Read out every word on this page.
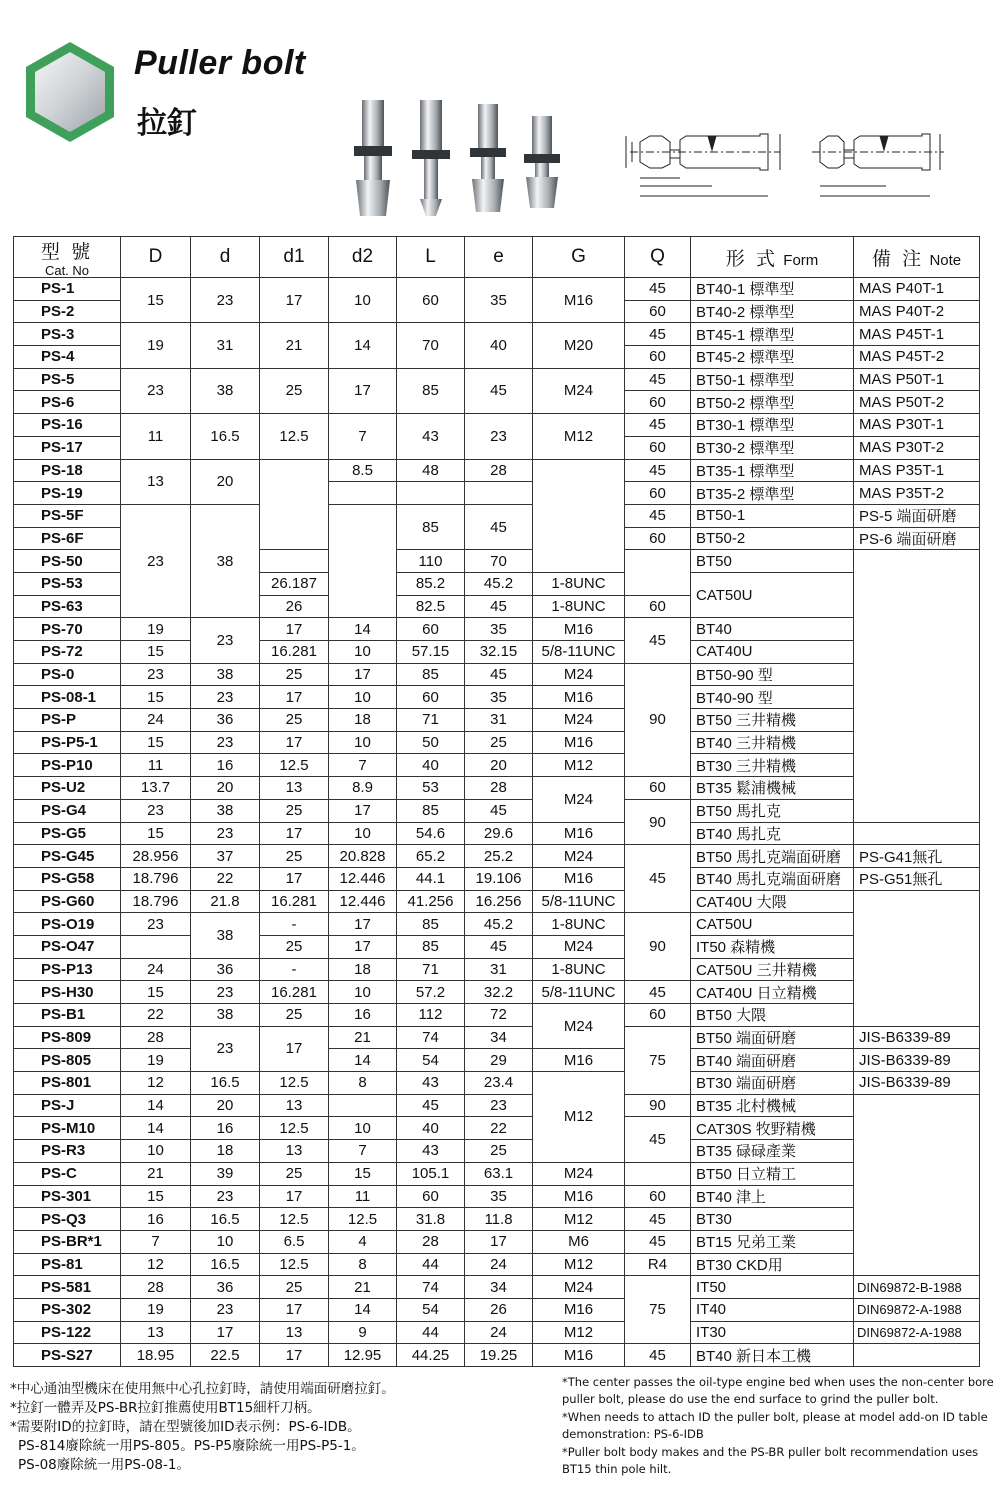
Puller bolt
拉釘
型 號
Cat. No	D	d	d1	d2	L	e	G	Q	形 式 Form	備 注 Note
PS-1	15	23	17	10	60	35	M16	45	BT40-1 標準型	MAS P40T-1
PS-2								60	BT40-2 標準型	MAS P40T-2
PS-3	19	31	21	14	70	40	M20	45	BT45-1 標準型	MAS P45T-1
PS-4								60	BT45-2 標準型	MAS P45T-2
PS-5	23	38	25	17	85	45	M24	45	BT50-1 標準型	MAS P50T-1
PS-6								60	BT50-2 標準型	MAS P50T-2
PS-16	11	16.5	12.5	7	43	23	M12	45	BT30-1 標準型	MAS P30T-1
PS-17								60	BT30-2 標準型	MAS P30T-2
PS-18	13	20		8.5	48	28		45	BT35-1 標準型	MAS P35T-1
PS-19								60	BT35-2 標準型	MAS P35T-2
PS-5F	23	38			85	45		45	BT50-1	PS-5 端面研磨
PS-6F								60	BT50-2	PS-6 端面研磨
PS-50					110	70			BT50	
PS-53			26.187		85.2	45.2	1-8UNC		CAT50U	
PS-63			26		82.5	45	1-8UNC	60		
PS-70	19	23	17	14	60	35	M16	45	BT40	
PS-72	15		16.281	10	57.15	32.15	5/8-11UNC		CAT40U	
PS-0	23	38	25	17	85	45	M24	90	BT50-90 型	
PS-08-1	15	23	17	10	60	35	M16		BT40-90 型	
PS-P	24	36	25	18	71	31	M24		BT50 三井精機	
PS-P5-1	15	23	17	10	50	25	M16		BT40 三井精機	
PS-P10	11	16	12.5	7	40	20	M12		BT30 三井精機	
PS-U2	13.7	20	13	8.9	53	28	M24	60	BT35 鬆浦機械	
PS-G4	23	38	25	17	85	45		90	BT50 馬扎克	
PS-G5	15	23	17	10	54.6	29.6	M16		BT40 馬扎克	
PS-G45	28.956	37	25	20.828	65.2	25.2	M24	45	BT50 馬扎克端面研磨	PS-G41無孔
PS-G58	18.796	22	17	12.446	44.1	19.106	M16		BT40 馬扎克端面研磨	PS-G51無孔
PS-G60	18.796	21.8	16.281	12.446	41.256	16.256	5/8-11UNC		CAT40U 大隈	
PS-O19	23	38	-	17	85	45.2	1-8UNC	90	CAT50U	
PS-O47			25	17	85	45	M24		IT50 森精機	
PS-P13	24	36	-	18	71	31	1-8UNC		CAT50U 三井精機	
PS-H30	15	23	16.281	10	57.2	32.2	5/8-11UNC	45	CAT40U 日立精機	
PS-B1	22	38	25	16	112	72	M24	60	BT50 大隈	
PS-809	28	23	17	21	74	34		75	BT50 端面研磨	JIS-B6339-89
PS-805	19			14	54	29	M16		BT40 端面研磨	JIS-B6339-89
PS-801	12	16.5	12.5	8	43	23.4	M12		BT30 端面研磨	JIS-B6339-89
PS-J	14	20	13		45	23		90	BT35 北村機械	
PS-M10	14	16	12.5	10	40	22		45	CAT30S 牧野精機	
PS-R3	10	18	13	7	43	25			BT35 碌碌產業	
PS-C	21	39	25	15	105.1	63.1	M24		BT50 日立精工	
PS-301	15	23	17	11	60	35	M16	60	BT40 津上	
PS-Q3	16	16.5	12.5	12.5	31.8	11.8	M12	45	BT30	
PS-BR*1	7	10	6.5	4	28	17	M6	45	BT15 兄弟工業	
PS-81	12	16.5	12.5	8	44	24	M12	R4	BT30 CKD用	
PS-581	28	36	25	21	74	34	M24	75	IT50	DIN69872-B-1988
PS-302	19	23	17	14	54	26	M16		IT40	DIN69872-A-1988
PS-122	13	17	13	9	44	24	M12		IT30	DIN69872-A-1988
PS-S27	18.95	22.5	17	12.95	44.25	19.25	M16	45	BT40 新日本工機	

*中心通油型機床在使用無中心孔拉釘時，請使用端面研磨拉釘。

*拉釘一體弄及PS-BR拉釘推薦使用BT15細杆刀柄。

*需要附ID的拉釘時，請在型號後加ID表示例：PS-6-IDB。

PS-814廢除統一用PS-805。PS-P5廢除統一用PS-P5-1。

PS-08廢除統一用PS-08-1。

*The center passes the oil-type engine bed when uses the non-center bore puller bolt, please do use the end surface to grind the puller bolt.

*When needs to attach ID the puller bolt, please at model add-on ID table demonstration: PS-6-IDB

*Puller bolt body makes and the PS-BR puller bolt recommendation uses BT15 thin pole hilt.
